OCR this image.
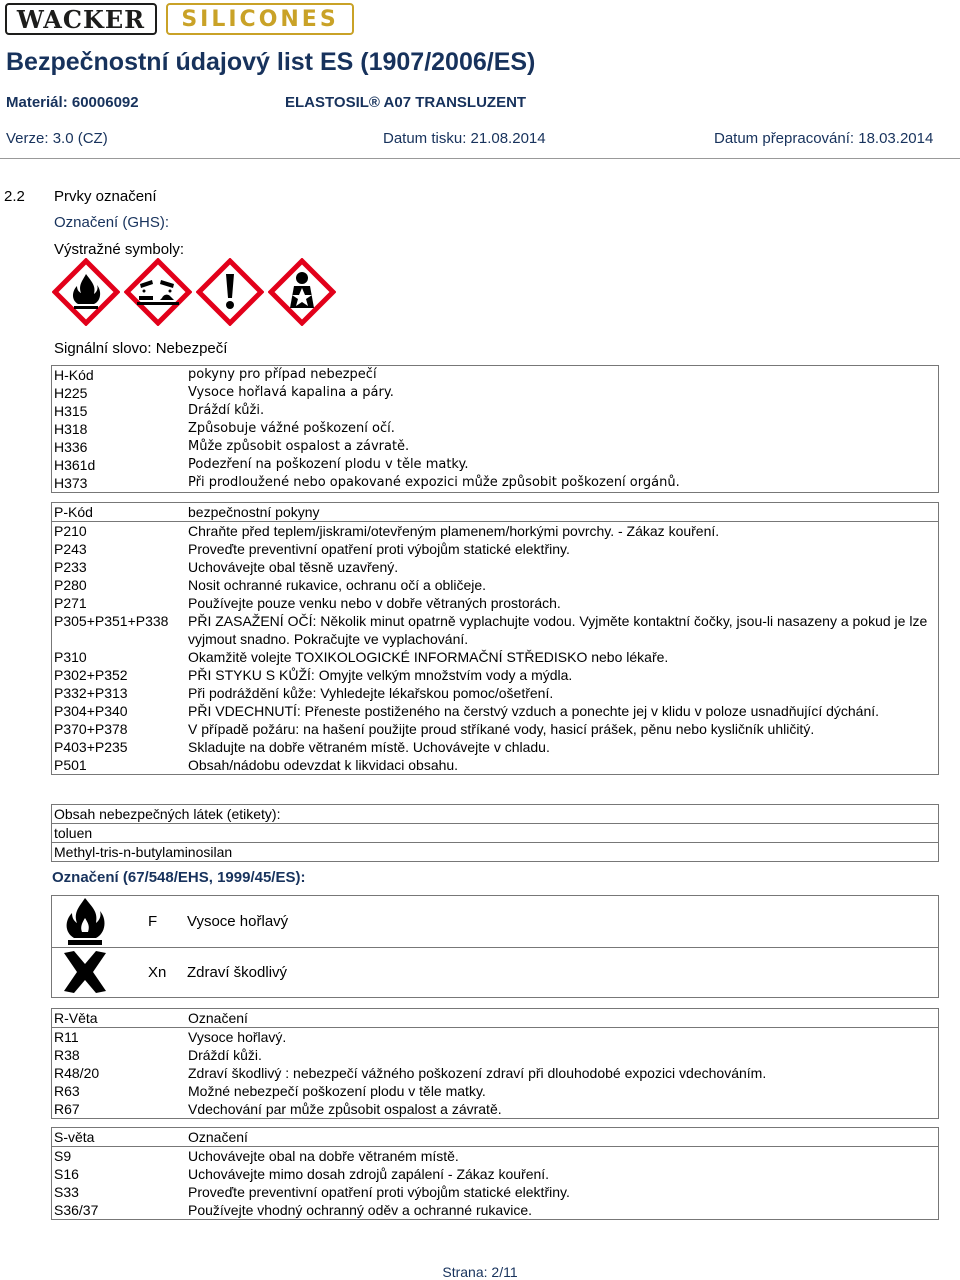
WACKER	SILICONES
Bezpečnostní údajový list ES (1907/2006/ES)
Materiál: 60006092	ELASTOSIL® A07 TRANSLUZENT
Verze: 3.0 (CZ)	Datum tisku: 21.08.2014	Datum přepracování: 18.03.2014
2.2 Prvky označení
Označení (GHS):
Výstražné symboly:
Signální slovo: Nebezpečí
H-Kód	pokyny pro případ nebezpečí
H225	Vysoce hořlavá kapalina a páry.
H315	Dráždí kůži.
H318	Způsobuje vážné poškození očí.
H336	Může způsobit ospalost a závratě.
H361d	Podezření na poškození plodu v těle matky.
H373	Při prodloužené nebo opakované expozici může způsobit poškození orgánů.
P-Kód	bezpečnostní pokyny
P210	Chraňte před teplem/jiskrami/otevřeným plamenem/horkými povrchy. - Zákaz kouření.
P243	Proveďte preventivní opatření proti výbojům statické elektřiny.
P233	Uchovávejte obal těsně uzavřený.
P280	Nosit ochranné rukavice, ochranu očí a obličeje.
P271	Používejte pouze venku nebo v dobře větraných prostorách.
P305+P351+P338	PŘI ZASAŽENÍ OČÍ: Několik minut opatrně vyplachujte vodou. Vyjměte kontaktní čočky, jsou-li nasazeny a pokud je lze vyjmout snadno. Pokračujte ve vyplachování.
P310	Okamžitě volejte TOXIKOLOGICKÉ INFORMAČNÍ STŘEDISKO nebo lékaře.
P302+P352	PŘI STYKU S KŮŽÍ: Omyjte velkým množstvím vody a mýdla.
P332+P313	Při podráždění kůže: Vyhledejte lékařskou pomoc/ošetření.
P304+P340	PŘI VDECHNUTÍ: Přeneste postiženého na čerstvý vzduch a ponechte jej v klidu v poloze usnadňující dýchání.
P370+P378	V případě požáru: na hašení použijte proud stříkané vody, hasicí prášek, pěnu nebo kysličník uhličitý.
P403+P235	Skladujte na dobře větraném místě. Uchovávejte v chladu.
P501	Obsah/nádobu odevzdat k likvidaci obsahu.
Obsah nebezpečných látek (etikety):
toluen
Methyl-tris-n-butylaminosilan
Označení (67/548/EHS, 1999/45/ES):
F Vysoce hořlavý
Xn Zdraví škodlivý
R-Věta	Označení
R11	Vysoce hořlavý.
R38	Dráždí kůži.
R48/20	Zdraví škodlivý : nebezpečí vážného poškození zdraví při dlouhodobé expozici vdechováním.
R63	Možné nebezpečí poškození plodu v těle matky.
R67	Vdechování par může způsobit ospalost a závratě.
S-věta	Označení
S9	Uchovávejte obal na dobře větraném místě.
S16	Uchovávejte mimo dosah zdrojů zapálení - Zákaz kouření.
S33	Proveďte preventivní opatření proti výbojům statické elektřiny.
S36/37	Používejte vhodný ochranný oděv a ochranné rukavice.
Strana: 2/11
